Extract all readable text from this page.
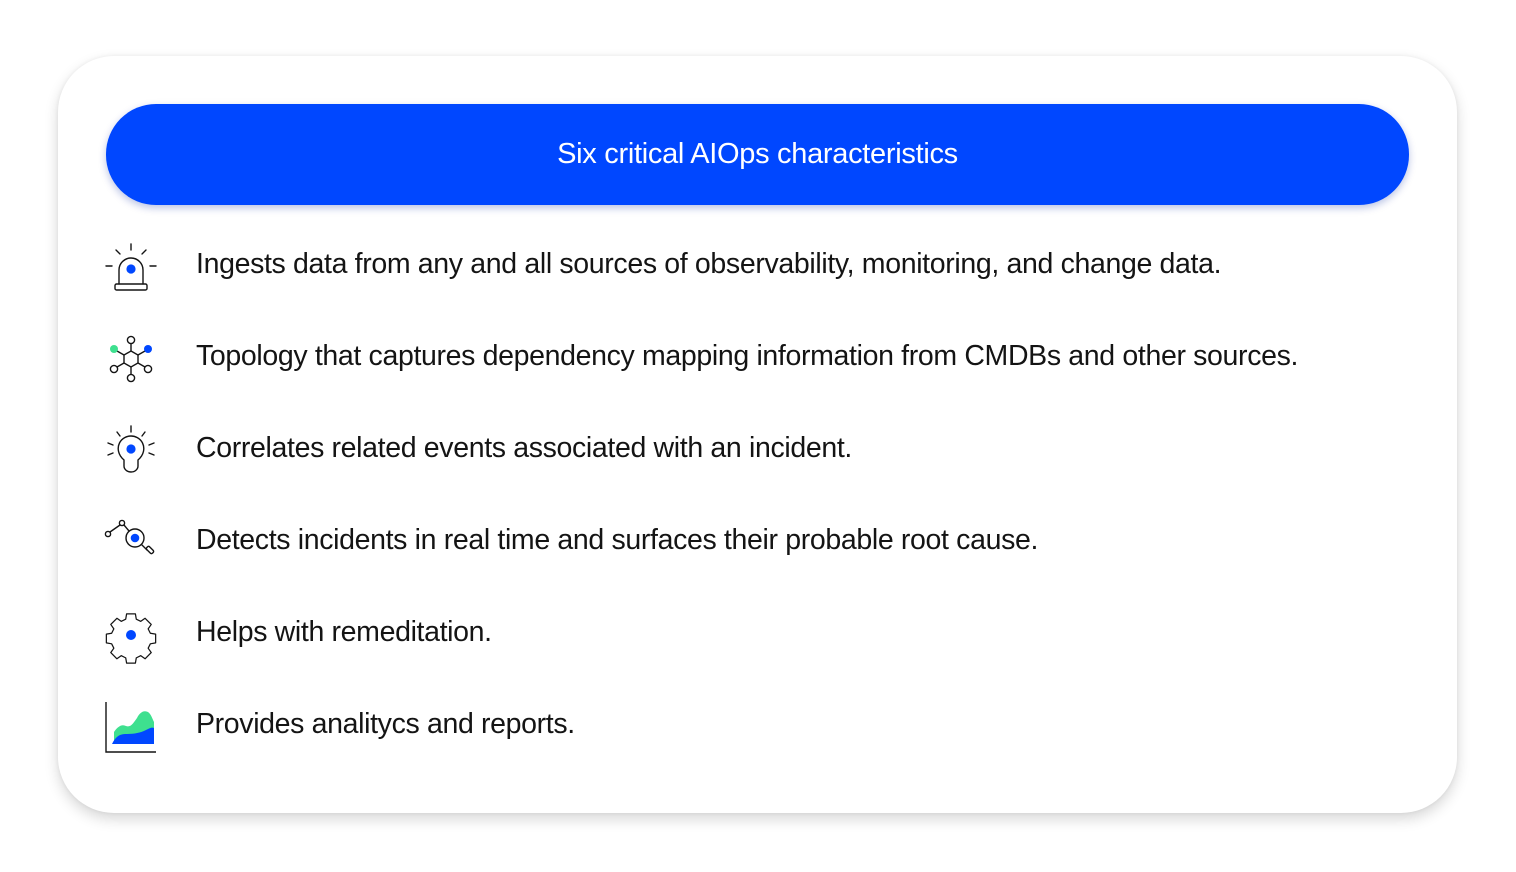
Six critical AIOps characteristics
Ingests data from any and all sources of observability, monitoring, and change data.
Topology that captures dependency mapping information from CMDBs and other sources.
Correlates related events associated with an incident.
Detects incidents in real time and surfaces their probable root cause.
Helps with remeditation.
Provides analitycs and reports.
